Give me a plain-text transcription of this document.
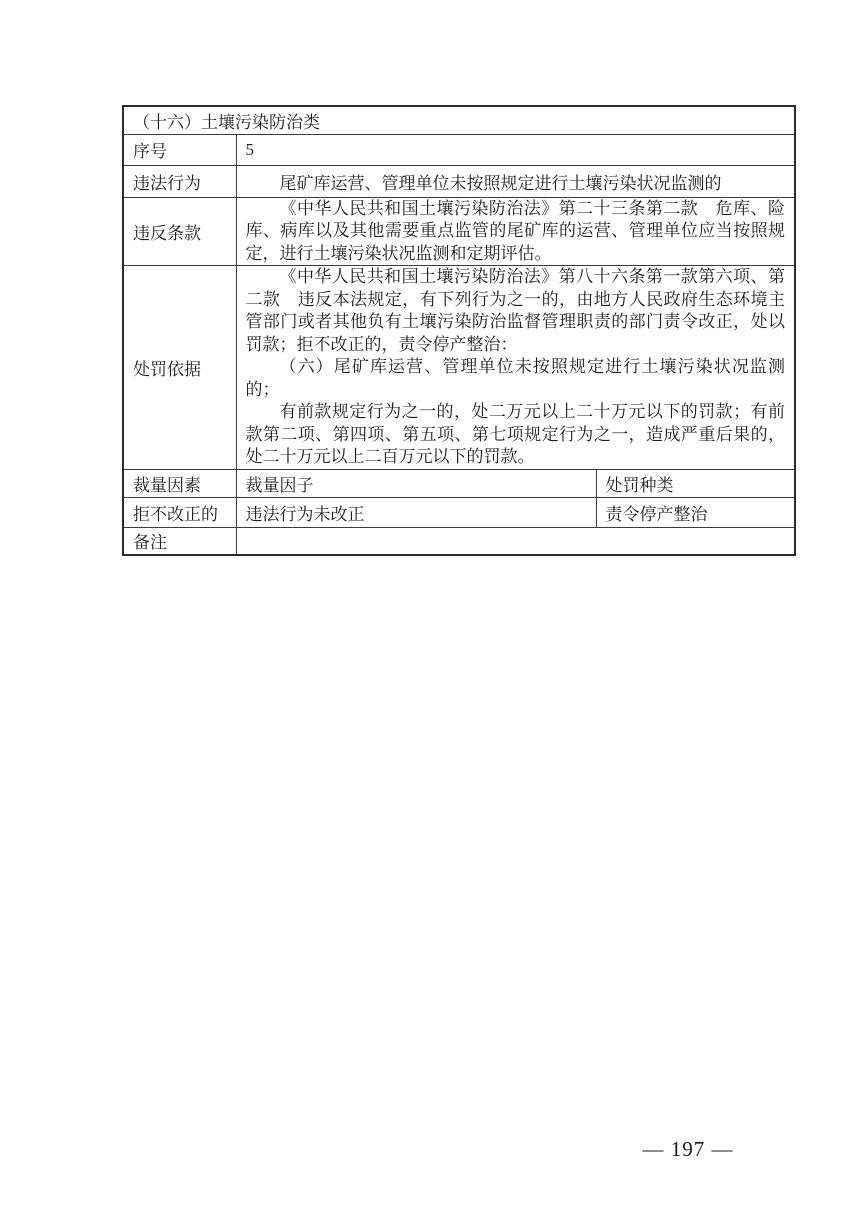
（十六）土壤污染防治类		
序号	5	
违法行为	尾矿库运营、管理单位未按照规定进行土壤污染状况监测的	
违反条款	《中华人民共和国土壤污染防治法》第二十三条第二款　危库、险库、病库以及其他需要重点监管的尾矿库的运营、管理单位应当按照规定，进行土壤污染状况监测和定期评估。	

处罚依据	《中华人民共和国土壤污染防治法》第八十六条第一款第六项、第二款　违反本法规定，有下列行为之一的，由地方人民政府生态环境主管部门或者其他负有土壤污染防治监督管理职责的部门责令改正，处以罚款；拒不改正的，责令停产整治：

（六）尾矿库运营、管理单位未按照规定进行土壤污染状况监测的；

有前款规定行为之一的，处二万元以上二十万元以下的罚款；有前款第二项、第四项、第五项、第七项规定行为之一，造成严重后果的，处二十万元以上二百万元以下的罚款。	

裁量因素	裁量因子	处罚种类
拒不改正的	违法行为未改正	责令停产整治
备注		
— 197 —
